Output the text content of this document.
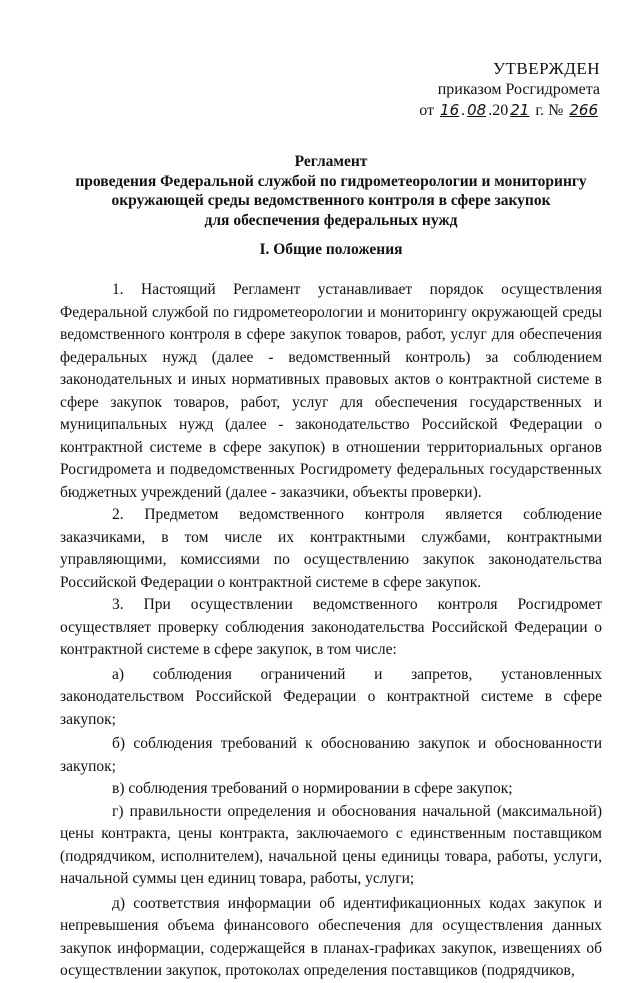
УТВЕРЖДЕН
приказом Росгидромета
от 16 . 08 .20 21 г. № 266
Регламент
проведения Федеральной службой по гидрометеорологии и мониторингу
окружающей среды ведомственного контроля в сфере закупок
для обеспечения федеральных нужд
I. Общие положения

1. Настоящий Регламент устанавливает порядок осуществления Федеральной службой по гидрометеорологии и мониторингу окружающей среды ведомственного контроля в сфере закупок товаров, работ, услуг для обеспечения федеральных нужд (далее - ведомственный контроль) за соблюдением законодательных и иных нормативных правовых актов о контрактной системе в сфере закупок товаров, работ, услуг для обеспечения государственных и муниципальных нужд (далее - законодательство Российской Федерации о контрактной системе в сфере закупок) в отношении территориальных органов Росгидромета и подведомственных Росгидромету федеральных государственных бюджетных учреждений (далее - заказчики, объекты проверки).

2. Предметом ведомственного контроля является соблюдение заказчиками, в том числе их контрактными службами, контрактными управляющими, комиссиями по осуществлению закупок законодательства Российской Федерации о контрактной системе в сфере закупок.

3. При осуществлении ведомственного контроля Росгидромет осуществляет проверку соблюдения законодательства Российской Федерации о контрактной системе в сфере закупок, в том числе:

а) соблюдения ограничений и запретов, установленных законодательством Российской Федерации о контрактной системе в сфере закупок;

б) соблюдения требований к обоснованию закупок и обоснованности закупок;

в) соблюдения требований о нормировании в сфере закупок;

г) правильности определения и обоснования начальной (максимальной) цены контракта, цены контракта, заключаемого с единственным поставщиком (подрядчиком, исполнителем), начальной цены единицы товара, работы, услуги, начальной суммы цен единиц товара, работы, услуги;

д) соответствия информации об идентификационных кодах закупок и непревышения объема финансового обеспечения для осуществления данных закупок информации, содержащейся в планах-графиках закупок, извещениях об осуществлении закупок, протоколах определения поставщиков (подрядчиков,
